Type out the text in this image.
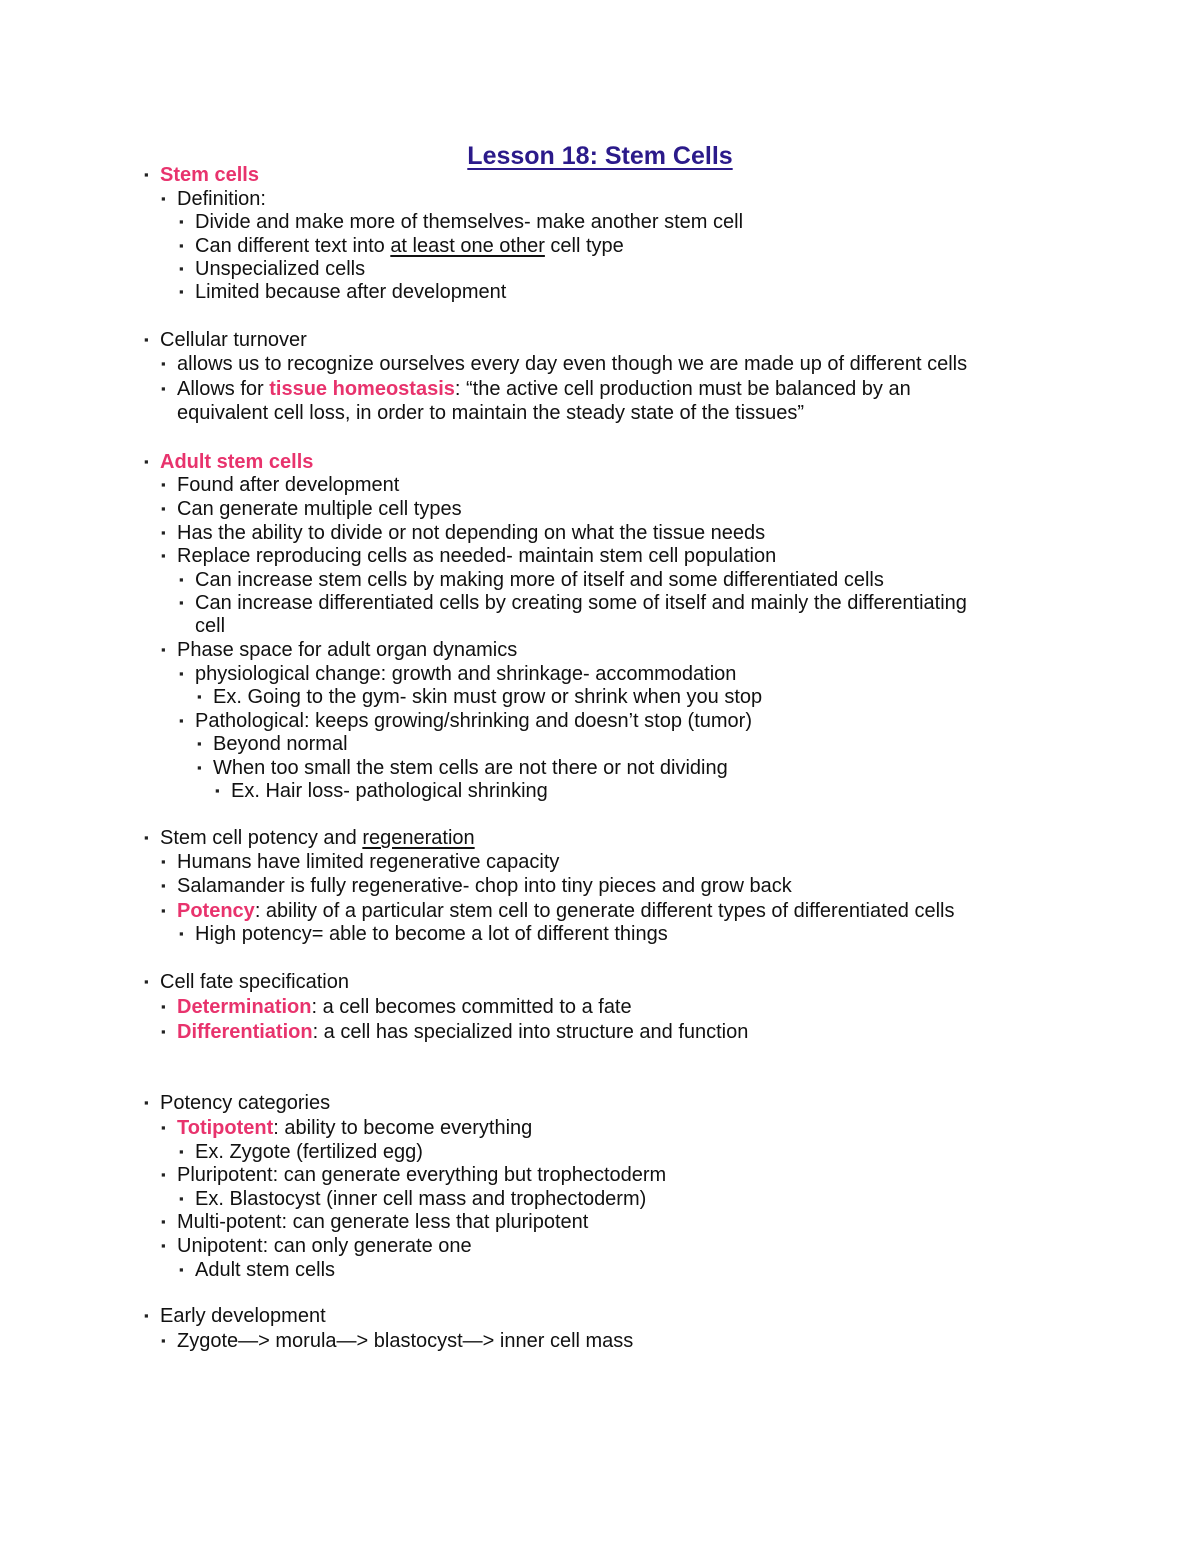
Lesson 18: Stem Cells
▪ Stem cells
▪ Definition:
▪ Divide and make more of themselves- make another stem cell
▪ Can different text into at least one other cell type
▪ Unspecialized cells
▪ Limited because after development
▪ Cellular turnover
▪ allows us to recognize ourselves every day even though we are made up of different cells
▪ Allows for tissue homeostasis: “the active cell production must be balanced by an
equivalent cell loss, in order to maintain the steady state of the tissues”
▪ Adult stem cells
▪ Found after development
▪ Can generate multiple cell types
▪ Has the ability to divide or not depending on what the tissue needs
▪ Replace reproducing cells as needed- maintain stem cell population
▪ Can increase stem cells by making more of itself and some differentiated cells
▪ Can increase differentiated cells by creating some of itself and mainly the differentiating
cell
▪ Phase space for adult organ dynamics
▪ physiological change: growth and shrinkage- accommodation
▪ Ex. Going to the gym- skin must grow or shrink when you stop
▪ Pathological: keeps growing/shrinking and doesn’t stop (tumor)
▪ Beyond normal
▪ When too small the stem cells are not there or not dividing
▪ Ex. Hair loss- pathological shrinking
▪ Stem cell potency and regeneration
▪ Humans have limited regenerative capacity
▪ Salamander is fully regenerative- chop into tiny pieces and grow back
▪ Potency: ability of a particular stem cell to generate different types of differentiated cells
▪ High potency= able to become a lot of different things
▪ Cell fate specification
▪ Determination: a cell becomes committed to a fate
▪ Differentiation: a cell has specialized into structure and function
▪ Potency categories
▪ Totipotent: ability to become everything
▪ Ex. Zygote (fertilized egg)
▪ Pluripotent: can generate everything but trophectoderm
▪ Ex. Blastocyst (inner cell mass and trophectoderm)
▪ Multi-potent: can generate less that pluripotent
▪ Unipotent: can only generate one
▪ Adult stem cells
▪ Early development
▪ Zygote—> morula—> blastocyst—> inner cell mass
